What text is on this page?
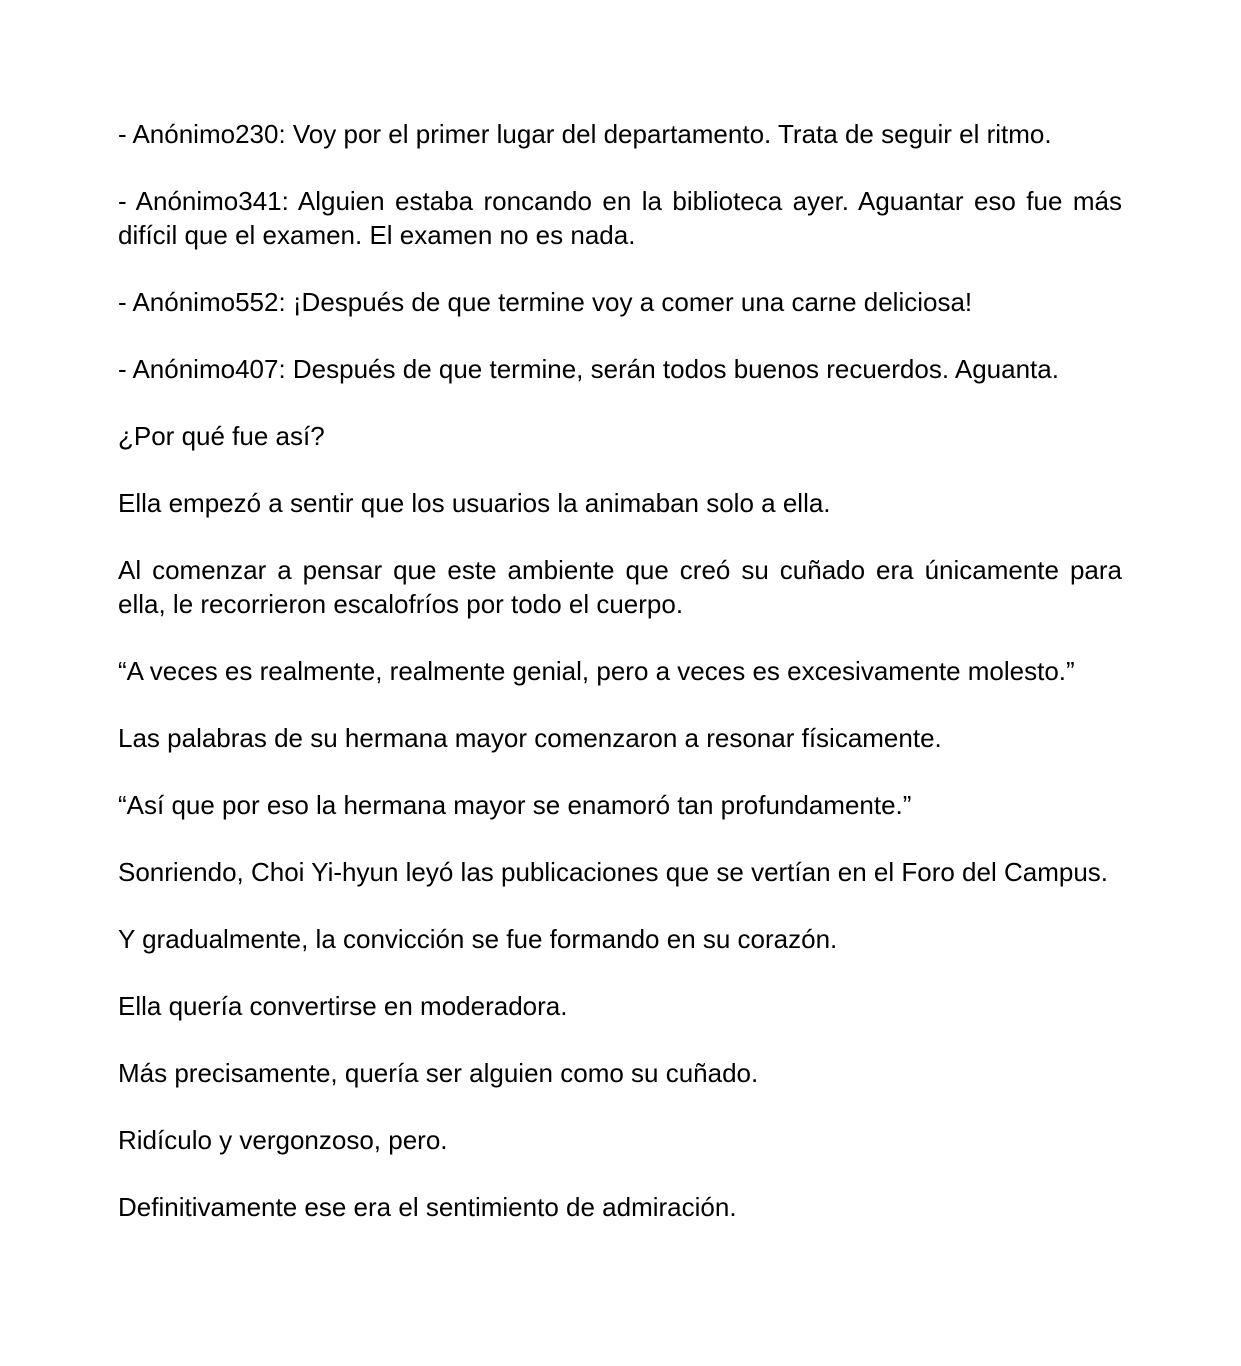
- Anónimo230: Voy por el primer lugar del departamento. Trata de seguir el ritmo.

- Anónimo341: Alguien estaba roncando en la biblioteca ayer. Aguantar eso fue más difícil que el examen. El examen no es nada.

- Anónimo552: ¡Después de que termine voy a comer una carne deliciosa!

- Anónimo407: Después de que termine, serán todos buenos recuerdos. Aguanta.

¿Por qué fue así?

Ella empezó a sentir que los usuarios la animaban solo a ella.

Al comenzar a pensar que este ambiente que creó su cuñado era únicamente para ella, le recorrieron escalofríos por todo el cuerpo.

“A veces es realmente, realmente genial, pero a veces es excesivamente molesto.”

Las palabras de su hermana mayor comenzaron a resonar físicamente.

“Así que por eso la hermana mayor se enamoró tan profundamente.”

Sonriendo, Choi Yi-hyun leyó las publicaciones que se vertían en el Foro del Campus.

Y gradualmente, la convicción se fue formando en su corazón.

Ella quería convertirse en moderadora.

Más precisamente, quería ser alguien como su cuñado.

Ridículo y vergonzoso, pero.

Definitivamente ese era el sentimiento de admiración.
